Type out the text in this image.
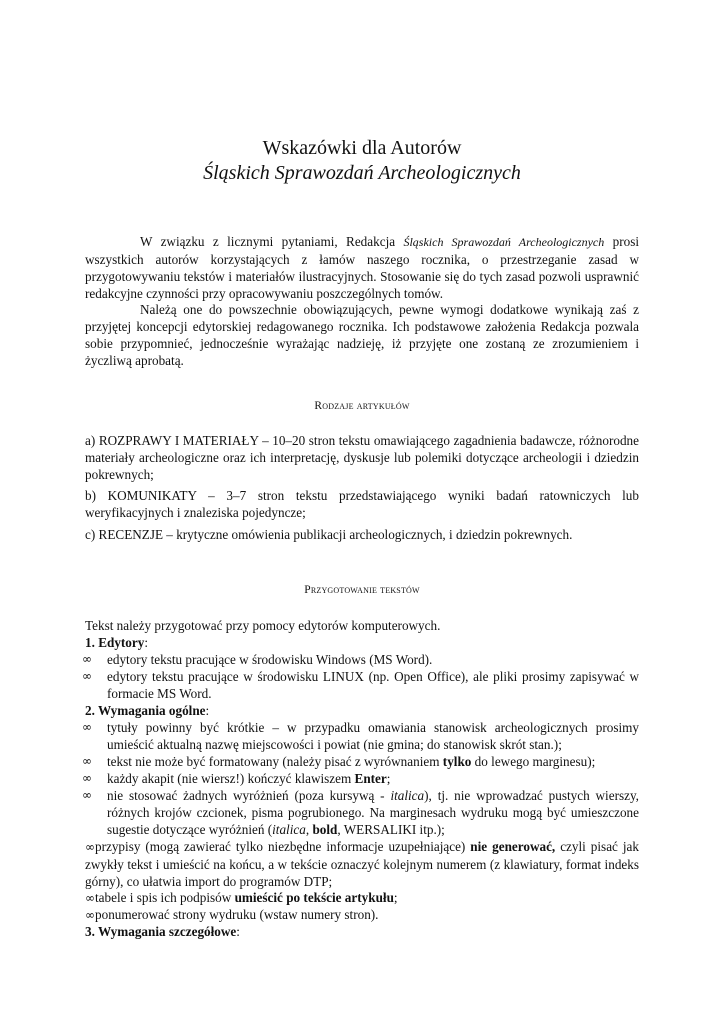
Wskazówki dla Autorów
Śląskich Sprawozdań Archeologicznych
W związku z licznymi pytaniami, Redakcja Śląskich Sprawozdań Archeologicznych prosi wszystkich autorów korzystających z łamów naszego rocznika, o przestrzeganie zasad w przygotowywaniu tekstów i materiałów ilustracyjnych. Stosowanie się do tych zasad pozwoli usprawnić redakcyjne czynności przy opracowywaniu poszczególnych tomów.
Należą one do powszechnie obowiązujących, pewne wymogi dodatkowe wynikają zaś z przyjętej koncepcji edytorskiej redagowanego rocznika. Ich podstawowe założenia Redakcja pozwala sobie przypomnieć, jednocześnie wyrażając nadzieję, iż przyjęte one zostaną ze zrozumieniem i życzliwą aprobatą.
Rodzaje artykułów
a) ROZPRAWY I MATERIAŁY – 10–20 stron tekstu omawiającego zagadnienia badawcze, różnorodne materiały archeologiczne oraz ich interpretację, dyskusje lub polemiki dotyczące archeologii i dziedzin pokrewnych;
b) KOMUNIKATY – 3–7 stron tekstu przedstawiającego wyniki badań ratowniczych lub weryfikacyjnych i znaleziska pojedyncze;
c) RECENZJE – krytyczne omówienia publikacji archeologicznych, i dziedzin pokrewnych.
Przygotowanie tekstów
Tekst należy przygotować przy pomocy edytorów komputerowych.
1. Edytory:
∞ edytory tekstu pracujące w środowisku Windows (MS Word).
∞ edytory tekstu pracujące w środowisku LINUX (np. Open Office), ale pliki prosimy zapisywać w formacie MS Word.
2. Wymagania ogólne:
∞ tytuły powinny być krótkie – w przypadku omawiania stanowisk archeologicznych prosimy umieścić aktualną nazwę miejscowości i powiat (nie gmina; do stanowisk skrót stan.);
∞ tekst nie może być formatowany (należy pisać z wyrównaniem tylko do lewego marginesu);
∞ każdy akapit (nie wiersz!) kończyć klawiszem Enter;
∞ nie stosować żadnych wyróżnień (poza kursywą - italica), tj. nie wprowadzać pustych wierszy, różnych krojów czcionek, pisma pogrubionego. Na marginesach wydruku mogą być umieszczone sugestie dotyczące wyróżnień (italica, bold, WERSALIKI itp.);
∞przypisy (mogą zawierać tylko niezbędne informacje uzupełniające) nie generować, czyli pisać jak zwykły tekst i umieścić na końcu, a w tekście oznaczyć kolejnym numerem (z klawiatury, format indeks górny), co ułatwia import do programów DTP;
∞tabele i spis ich podpisów umieścić po tekście artykułu;
∞ponumerować strony wydruku (wstaw numery stron).
3. Wymagania szczegółowe:
